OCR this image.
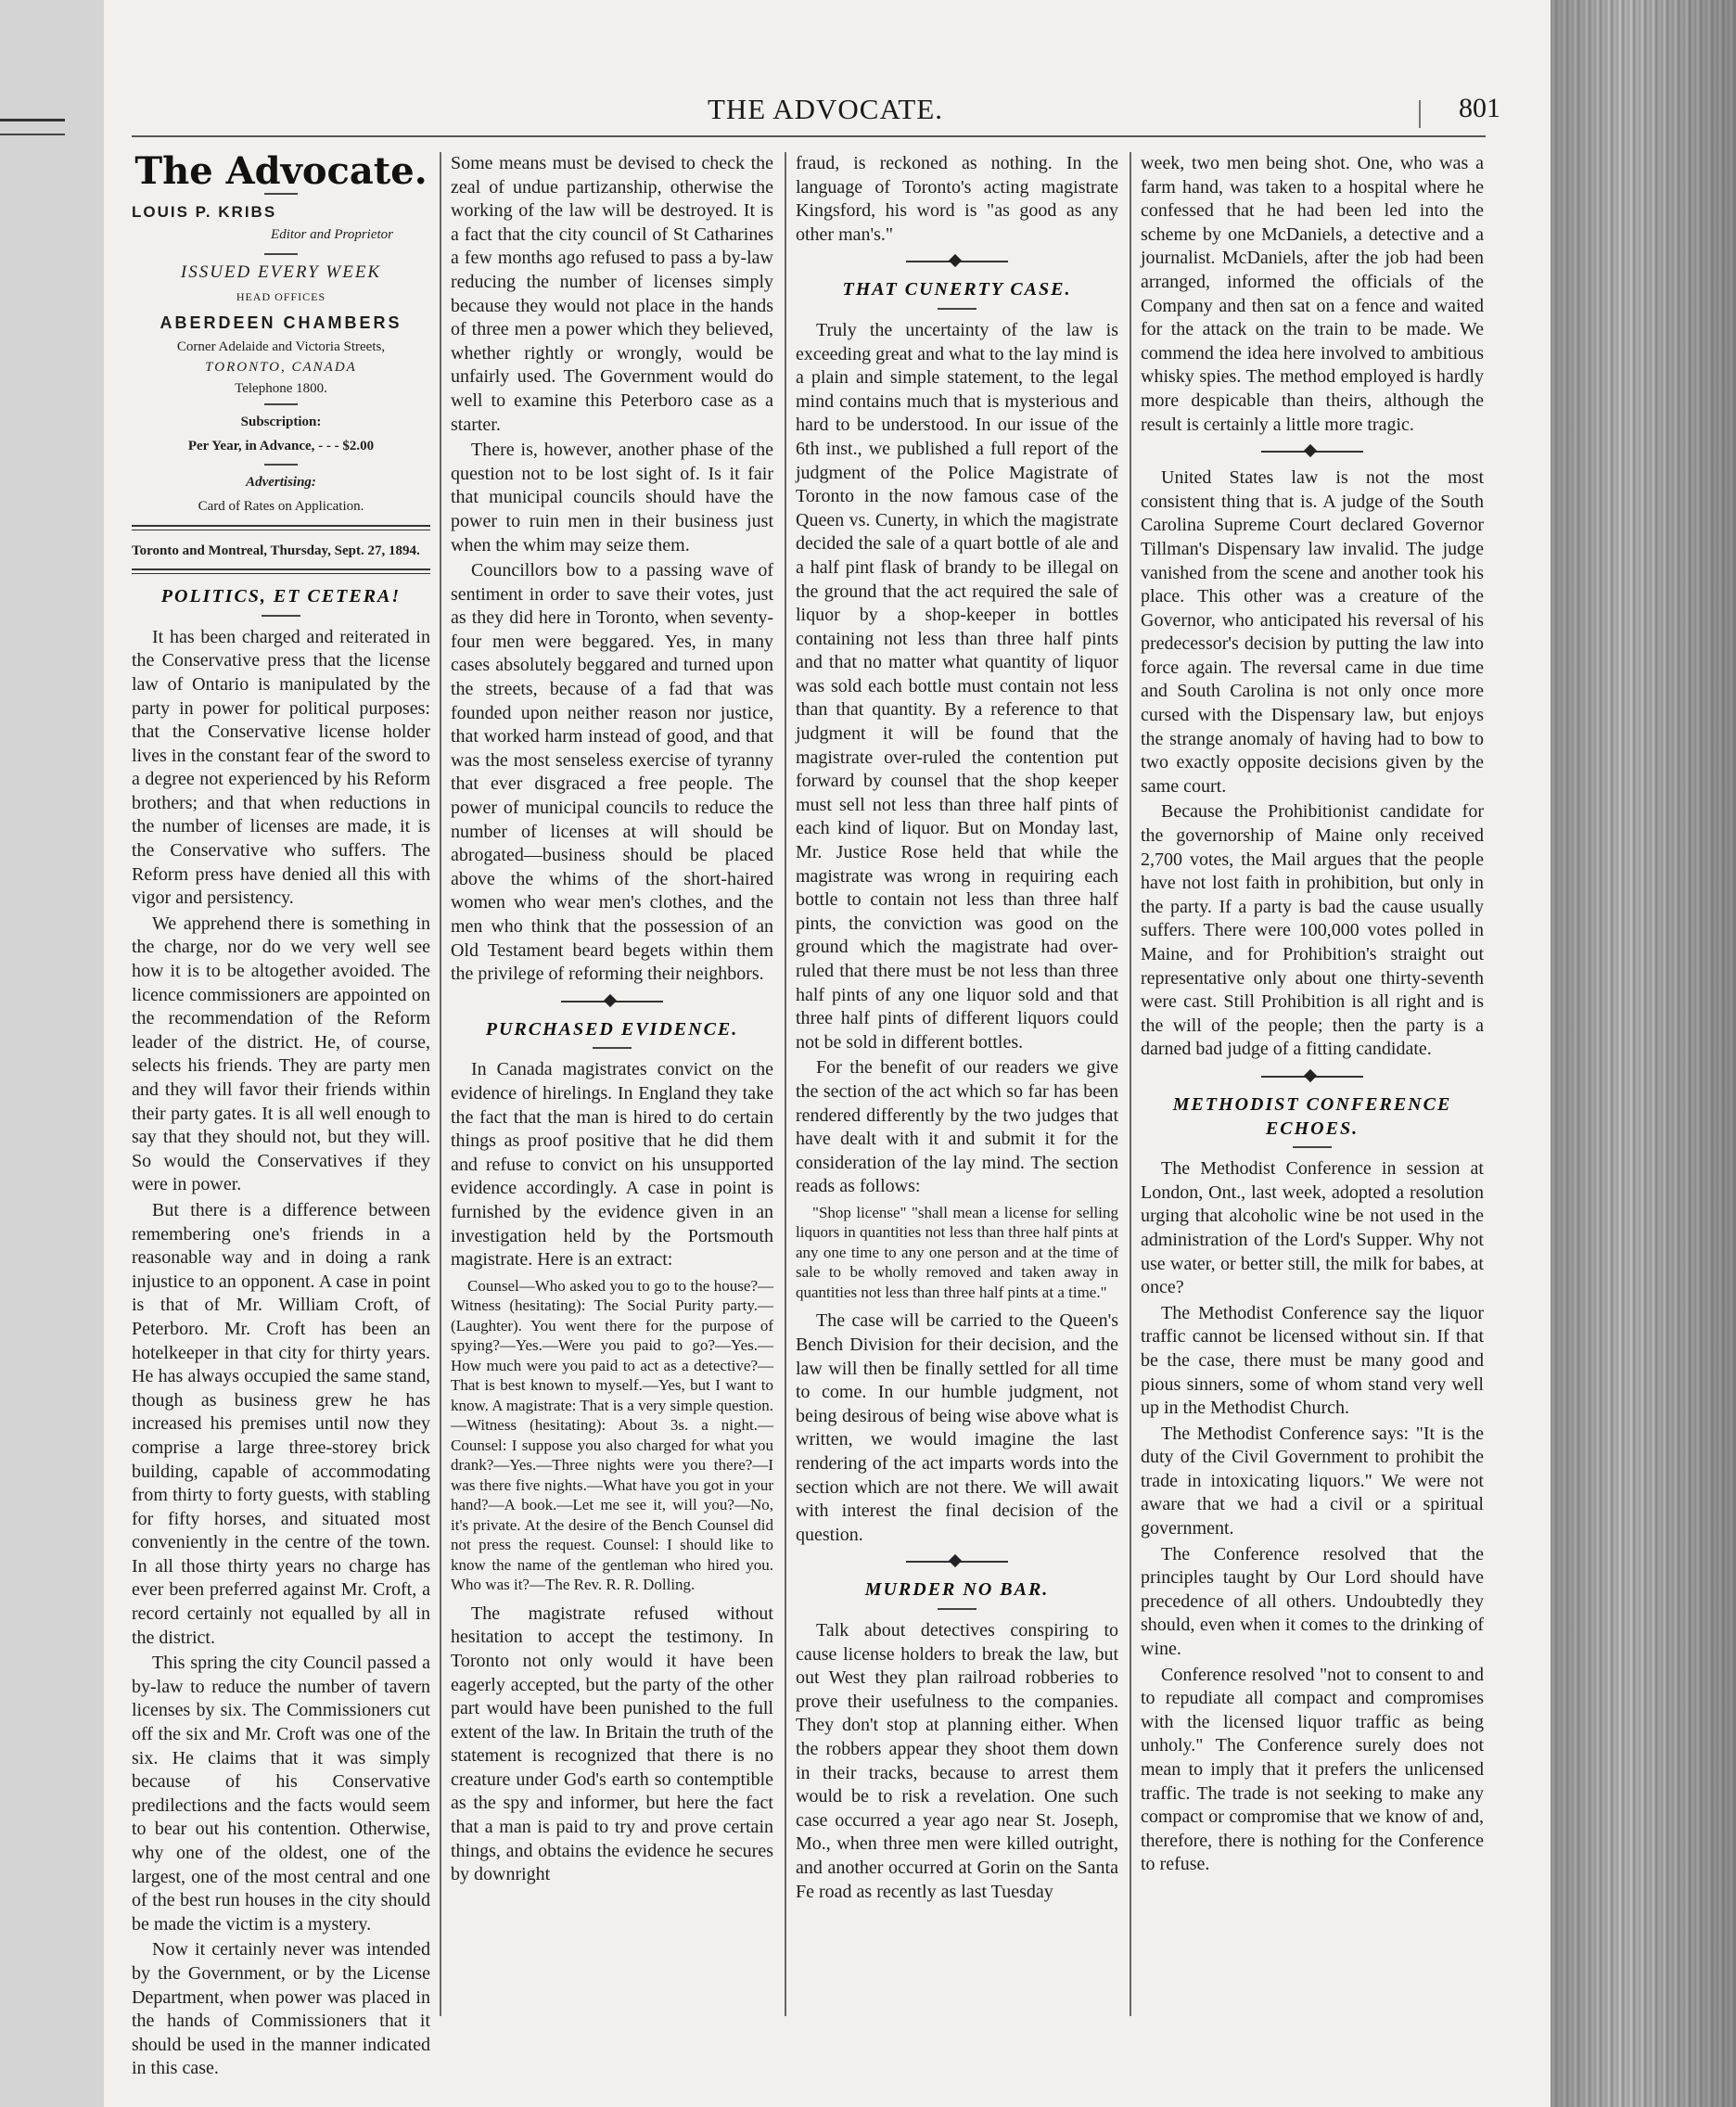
THE ADVOCATE.	801
The Advocate.
LOUIS P. KRIBS
Editor and Proprietor
ISSUED EVERY WEEK
HEAD OFFICES
ABERDEEN CHAMBERS
Corner Adelaide and Victoria Streets,
TORONTO, CANADA
Telephone 1800.
Subscription:
Per Year, in Advance, - - - $2.00
Advertising:
Card of Rates on Application.
Toronto and Montreal, Thursday, Sept. 27, 1894.
POLITICS, ET CETERA!

It has been charged and reiterated in the Conservative press that the license law of Ontario is manipulated by the party in power for political purposes: that the Conservative license holder lives in the constant fear of the sword to a degree not experienced by his Reform brothers; and that when reductions in the number of licenses are made, it is the Conservative who suffers. The Reform press have denied all this with vigor and persistency.

We apprehend there is something in the charge, nor do we very well see how it is to be altogether avoided. The licence commissioners are appointed on the recommendation of the Reform leader of the district. He, of course, selects his friends. They are party men and they will favor their friends within their party gates. It is all well enough to say that they should not, but they will. So would the Conservatives if they were in power.

But there is a difference between remembering one's friends in a reasonable way and in doing a rank injustice to an opponent. A case in point is that of Mr. William Croft, of Peterboro. Mr. Croft has been an hotelkeeper in that city for thirty years. He has always occupied the same stand, though as business grew he has increased his premises until now they comprise a large three-storey brick building, capable of accommodating from thirty to forty guests, with stabling for fifty horses, and situated most conveniently in the centre of the town. In all those thirty years no charge has ever been preferred against Mr. Croft, a record certainly not equalled by all in the district.

This spring the city Council passed a by-law to reduce the number of tavern licenses by six. The Commissioners cut off the six and Mr. Croft was one of the six. He claims that it was simply because of his Conservative predilections and the facts would seem to bear out his contention. Otherwise, why one of the oldest, one of the largest, one of the most central and one of the best run houses in the city should be made the victim is a mystery.

Now it certainly never was intended by the Government, or by the License Department, when power was placed in the hands of Commissioners that it should be used in the manner indicated in this case.

Some means must be devised to check the zeal of undue partizanship, otherwise the working of the law will be destroyed. It is a fact that the city council of St Catharines a few months ago refused to pass a by-law reducing the number of licenses simply because they would not place in the hands of three men a power which they believed, whether rightly or wrongly, would be unfairly used. The Government would do well to examine this Peterboro case as a starter.

There is, however, another phase of the question not to be lost sight of. Is it fair that municipal councils should have the power to ruin men in their business just when the whim may seize them.

Councillors bow to a passing wave of sentiment in order to save their votes, just as they did here in Toronto, when seventy-four men were beggared. Yes, in many cases absolutely beggared and turned upon the streets, because of a fad that was founded upon neither reason nor justice, that worked harm instead of good, and that was the most senseless exercise of tyranny that ever disgraced a free people. The power of municipal councils to reduce the number of licenses at will should be abrogated—business should be placed above the whims of the short-haired women who wear men's clothes, and the men who think that the possession of an Old Testament beard begets within them the privilege of reforming their neighbors.

PURCHASED EVIDENCE.

In Canada magistrates convict on the evidence of hirelings. In England they take the fact that the man is hired to do certain things as proof positive that he did them and refuse to convict on his unsupported evidence accordingly. A case in point is furnished by the evidence given in an investigation held by the Portsmouth magistrate. Here is an extract:

Counsel—Who asked you to go to the house?—Witness (hesitating): The Social Purity party.—(Laughter). You went there for the purpose of spying?—Yes.—Were you paid to go?—Yes.—How much were you paid to act as a detective?—That is best known to myself.—Yes, but I want to know. A magistrate: That is a very simple question.—Witness (hesitating): About 3s. a night.—Counsel: I suppose you also charged for what you drank?—Yes.—Three nights were you there?—I was there five nights.—What have you got in your hand?—A book.—Let me see it, will you?—No, it's private. At the desire of the Bench Counsel did not press the request. Counsel: I should like to know the name of the gentleman who hired you. Who was it?—The Rev. R. R. Dolling.

The magistrate refused without hesitation to accept the testimony. In Toronto not only would it have been eagerly accepted, but the party of the other part would have been punished to the full extent of the law. In Britain the truth of the statement is recognized that there is no creature under God's earth so contemptible as the spy and informer, but here the fact that a man is paid to try and prove certain things, and obtains the evidence he secures by downright

fraud, is reckoned as nothing. In the language of Toronto's acting magistrate Kingsford, his word is "as good as any other man's."

THAT CUNERTY CASE.

Truly the uncertainty of the law is exceeding great and what to the lay mind is a plain and simple statement, to the legal mind contains much that is mysterious and hard to be understood. In our issue of the 6th inst., we published a full report of the judgment of the Police Magistrate of Toronto in the now famous case of the Queen vs. Cunerty, in which the magistrate decided the sale of a quart bottle of ale and a half pint flask of brandy to be illegal on the ground that the act required the sale of liquor by a shop-keeper in bottles containing not less than three half pints and that no matter what quantity of liquor was sold each bottle must contain not less than that quantity. By a reference to that judgment it will be found that the magistrate over-ruled the contention put forward by counsel that the shop keeper must sell not less than three half pints of each kind of liquor. But on Monday last, Mr. Justice Rose held that while the magistrate was wrong in requiring each bottle to contain not less than three half pints, the conviction was good on the ground which the magistrate had over-ruled that there must be not less than three half pints of any one liquor sold and that three half pints of different liquors could not be sold in different bottles.

For the benefit of our readers we give the section of the act which so far has been rendered differently by the two judges that have dealt with it and submit it for the consideration of the lay mind. The section reads as follows:

"Shop license" "shall mean a license for selling liquors in quantities not less than three half pints at any one time to any one person and at the time of sale to be wholly removed and taken away in quantities not less than three half pints at a time."

The case will be carried to the Queen's Bench Division for their decision, and the law will then be finally settled for all time to come. In our humble judgment, not being desirous of being wise above what is written, we would imagine the last rendering of the act imparts words into the section which are not there. We will await with interest the final decision of the question.

MURDER NO BAR.

Talk about detectives conspiring to cause license holders to break the law, but out West they plan railroad robberies to prove their usefulness to the companies. They don't stop at planning either. When the robbers appear they shoot them down in their tracks, because to arrest them would be to risk a revelation. One such case occurred a year ago near St. Joseph, Mo., when three men were killed outright, and another occurred at Gorin on the Santa Fe road as recently as last Tuesday

week, two men being shot. One, who was a farm hand, was taken to a hospital where he confessed that he had been led into the scheme by one McDaniels, a detective and a journalist. McDaniels, after the job had been arranged, informed the officials of the Company and then sat on a fence and waited for the attack on the train to be made. We commend the idea here involved to ambitious whisky spies. The method employed is hardly more despicable than theirs, although the result is certainly a little more tragic.

United States law is not the most consistent thing that is. A judge of the South Carolina Supreme Court declared Governor Tillman's Dispensary law invalid. The judge vanished from the scene and another took his place. This other was a creature of the Governor, who anticipated his reversal of his predecessor's decision by putting the law into force again. The reversal came in due time and South Carolina is not only once more cursed with the Dispensary law, but enjoys the strange anomaly of having had to bow to two exactly opposite decisions given by the same court.

Because the Prohibitionist candidate for the governorship of Maine only received 2,700 votes, the Mail argues that the people have not lost faith in prohibition, but only in the party. If a party is bad the cause usually suffers. There were 100,000 votes polled in Maine, and for Prohibition's straight out representative only about one thirty-seventh were cast. Still Prohibition is all right and is the will of the people; then the party is a darned bad judge of a fitting candidate.

METHODIST CONFERENCE ECHOES.

The Methodist Conference in session at London, Ont., last week, adopted a resolution urging that alcoholic wine be not used in the administration of the Lord's Supper. Why not use water, or better still, the milk for babes, at once?

The Methodist Conference say the liquor traffic cannot be licensed without sin. If that be the case, there must be many good and pious sinners, some of whom stand very well up in the Methodist Church.

The Methodist Conference says: "It is the duty of the Civil Government to prohibit the trade in intoxicating liquors." We were not aware that we had a civil or a spiritual government.

The Conference resolved that the principles taught by Our Lord should have precedence of all others. Undoubtedly they should, even when it comes to the drinking of wine.

Conference resolved "not to consent to and to repudiate all compact and compromises with the licensed liquor traffic as being unholy." The Conference surely does not mean to imply that it prefers the unlicensed traffic. The trade is not seeking to make any compact or compromise that we know of and, therefore, there is nothing for the Conference to refuse.
